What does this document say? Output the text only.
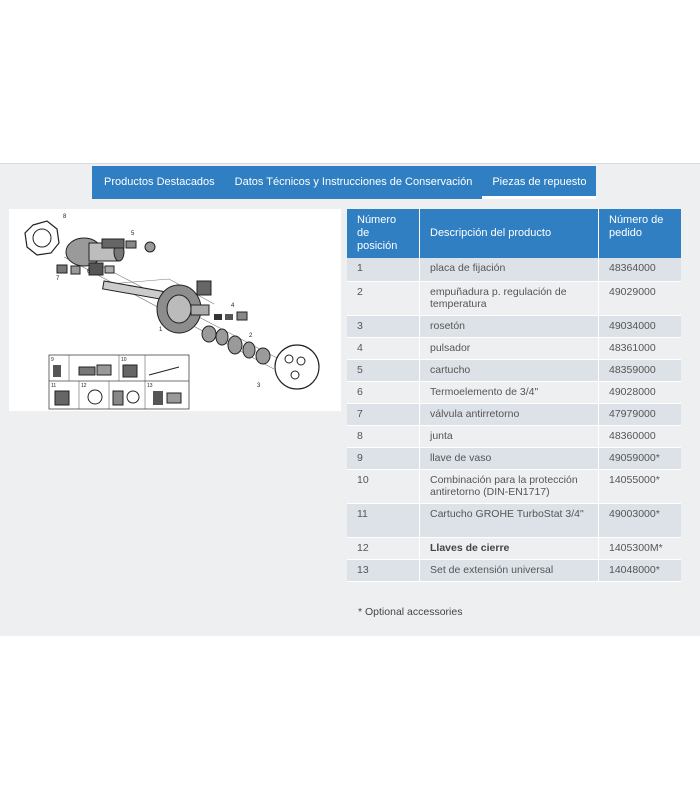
Productos Destacados	Datos Técnicos y Instrucciones de Conservación	Piezas de repuesto
8
5
7
6
1
4
2
3
9	10
11	12	13
Número de posición	Descripción del producto	Número de pedido
1	placa de fijación	48364000
2	empuñadura p. regulación de temperatura	49029000
3	rosetón	49034000
4	pulsador	48361000
5	cartucho	48359000
6	Termoelemento de 3/4"	49028000
7	válvula antirretorno	47979000
8	junta	48360000
9	llave de vaso	49059000*
10	Combinación para la protección antiretorno (DIN-EN1717)	14055000*
11	Cartucho GROHE TurboStat 3/4"	49003000*
12	Llaves de cierre	1405300M*
13	Set de extensión universal	14048000*
* Optional accessories
